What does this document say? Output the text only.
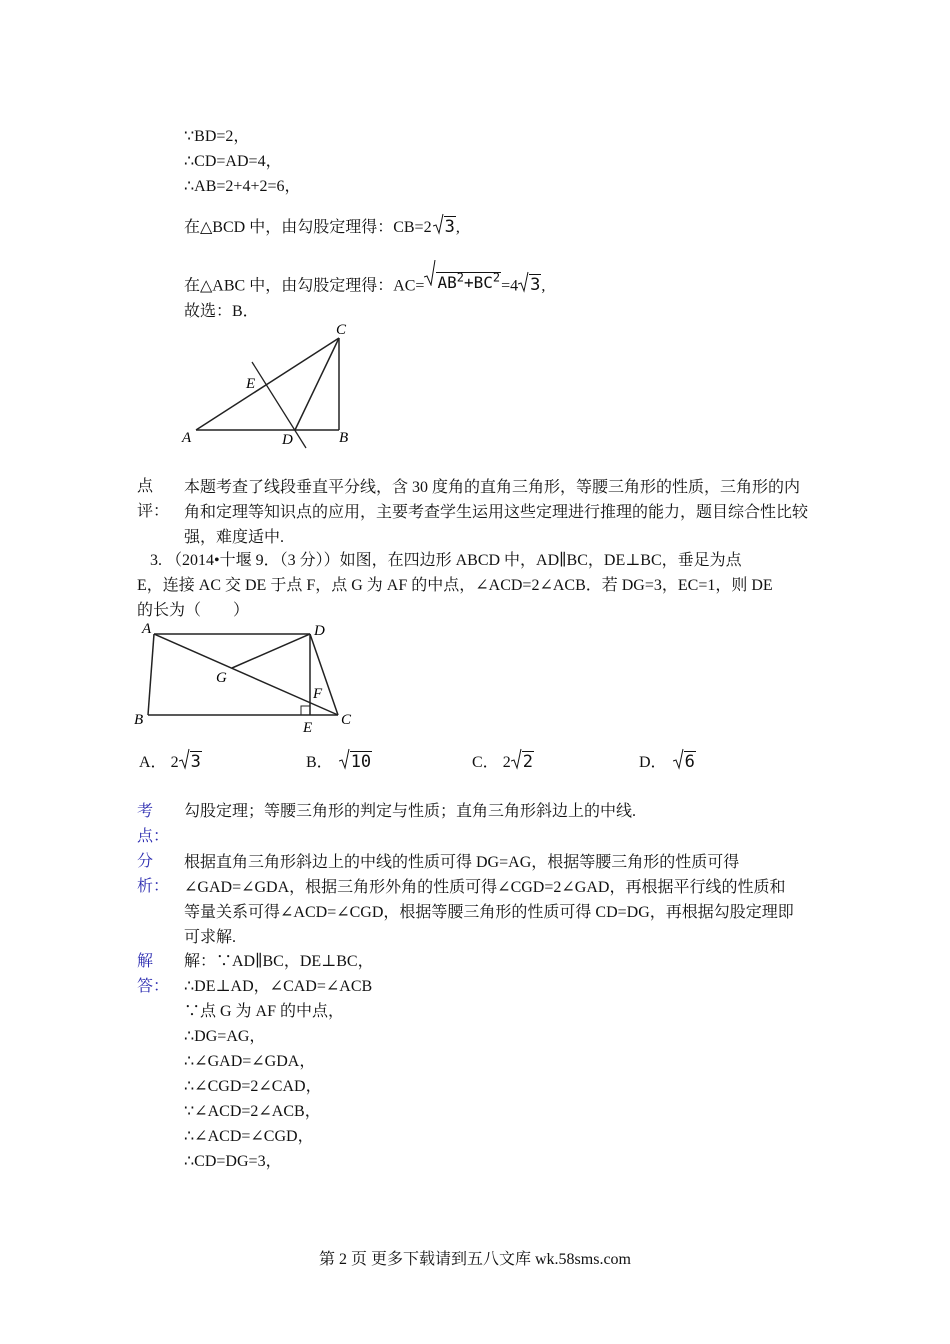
∵BD=2，
∴CD=AD=4，
∴AB=2+4+2=6，
在△BCD 中，由勾股定理得：CB=2 3,
在△ABC 中，由勾股定理得：$AC= AB^2+BC^2=4$ 3,
故选：B．
C
E
A	D	B
点
评：
本题考查了线段垂直平分线，含 30 度角的直角三角形，等腰三角形的性质，三角形的内角和定理等知识点的应用，主要考查学生运用这些定理进行推理的能力，题目综合性比较强，难度适中.
3. （2014•十堰 9．（3 分））如图，在四边形 ABCD 中，AD∥BC，DE⊥BC，垂足为点
E，连接 AC 交 DE 于点 F，点 G 为 AF 的中点，∠ACD=2∠ACB．若 DG=3，EC=1，则 DE
的长为（　　）
A	D
G
F
B	E C
A． 2 3	B． 10	C． 2 2	D． 6
考
点：
勾股定理；等腰三角形的判定与性质；直角三角形斜边上的中线.
分
析：
根据直角三角形斜边上的中线的性质可得 DG=AG，根据等腰三角形的性质可得∠GAD=∠GDA，根据三角形外角的性质可得∠CGD=2∠GAD，再根据平行线的性质和等量关系可得∠ACD=∠CGD，根据等腰三角形的性质可得 CD=DG，再根据勾股定理即可求解.
解
答：
解：∵AD∥BC，DE⊥BC，
∴DE⊥AD，∠CAD=∠ACB
∵点 G 为 AF 的中点，
∴DG=AG，
∴∠GAD=∠GDA，
∴∠CGD=2∠CAD，
∵∠ACD=2∠ACB，
∴∠ACD=∠CGD，
∴CD=DG=3，
第 2 页 更多下载请到五八文库 wk.58sms.com
